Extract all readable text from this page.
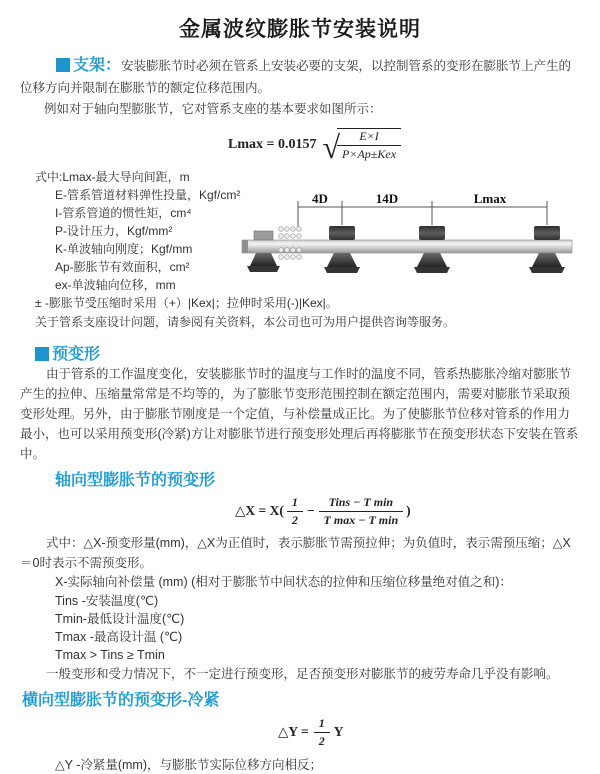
金属波纹膨胀节安装说明

支架：安装膨胀节时必须在管系上安装必要的支架，以控制管系的变形在膨胀节上产生的位移方向并限制在膨胀节的额定位移范围内。

例如对于轴向型膨胀节，它对管系支座的基本要求如图所示：

Lmax = 0.0157 √
$\frac{E\times I}{\text{P×Ap±Kex}}$
式中:Lmax-最大导向间距，m
E-管系管道材料弹性投量，Kgf/cm²
I-管系管道的惯性矩，cm⁴
P-设计压力，Kgf/mm²
K-单波轴向刚度；Kgf/mm
Ap-膨胀节有效面积，cm²
ex-单波轴向位移，mm

± -膨胀节受压缩时采用（+）|Kex|；拉伸时采用(-)|Kex|。

关于管系支座设计问题，请参阅有关资料，本公司也可为用户提供咨询等服务。

4D	14D	Lmax
预变形

由于管系的工作温度变化，安装膨胀节时的温度与工作时的温度不同，管系热膨胀冷缩对膨胀节产生的拉伸、压缩量常常是不均等的，为了膨胀节变形范围控制在额定范围内，需要对膨胀节采取预变形处理。另外，由于膨胀节刚度是一个定值，与补偿量成正比。为了使膨胀节位移对管系的作用力最小，也可以采用预变形(冷紧)方让对膨胀节进行预变形处理后再将膨胀节在预变形状态下安装在管系中。

轴向型膨胀节的预变形
△X = $X( \frac{1}{2} - \frac{\text{Tins − T min}}{\text{T max − T min}}$ )

式中：△X-预变形量(mm)，△X为正值时，表示膨胀节需预拉伸；为负值时，表示需预压缩；△X＝0时表示不需预变形。

X-实际轴向补偿量 (mm) (相对于膨胀节中间状态的拉伸和压缩位移量绝对值之和)：
Tins -安装温度(℃)
Tmin-最低设计温度(℃)
Tmax -最高设计温 (℃)
Tmax > Tins ≥ Tmin

一般变形和受力情况下，不一定进行预变形，足否预变形对膨胀节的疲劳寿命几乎没有影响。

横向型膨胀节的预变形-冷紧
△Y = $\frac{1}{2}$ Y

△Y -冷紧量(mm)，与膨胀节实际位移方向相反；
